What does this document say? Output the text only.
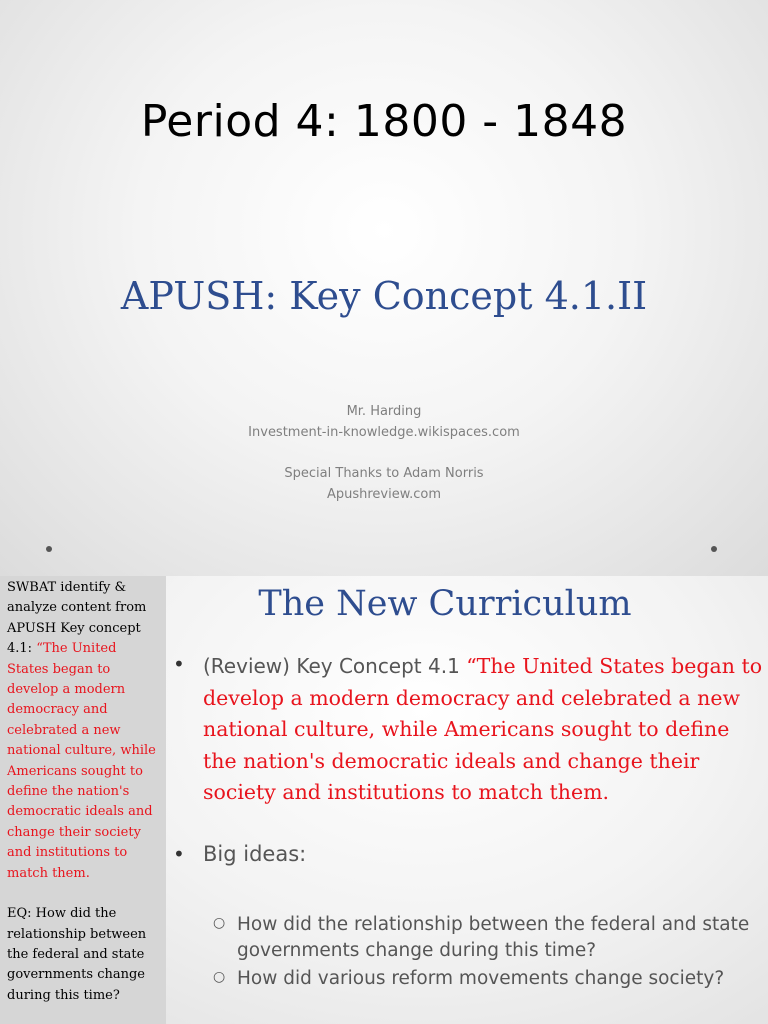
Period 4: 1800 - 1848
APUSH: Key Concept 4.1.II
Mr. Harding
Investment-in-knowledge.wikispaces.com
Special Thanks to Adam Norris
Apushreview.com
SWBAT identify & analyze content from APUSH Key concept 4.1: “The United States began to develop a modern democracy and celebrated a new national culture, while Americans sought to define the nation's democratic ideals and change their society and institutions to match them.
EQ: How did the relationship between the federal and state governments change during this time?
The New Curriculum
• (Review) Key Concept 4.1 “The United States began to develop a modern democracy and celebrated a new national culture, while Americans sought to define the nation's democratic ideals and change their society and institutions to match them.
• Big ideas:
○ How did the relationship between the federal and state governments change during this time?
○ How did various reform movements change society?
